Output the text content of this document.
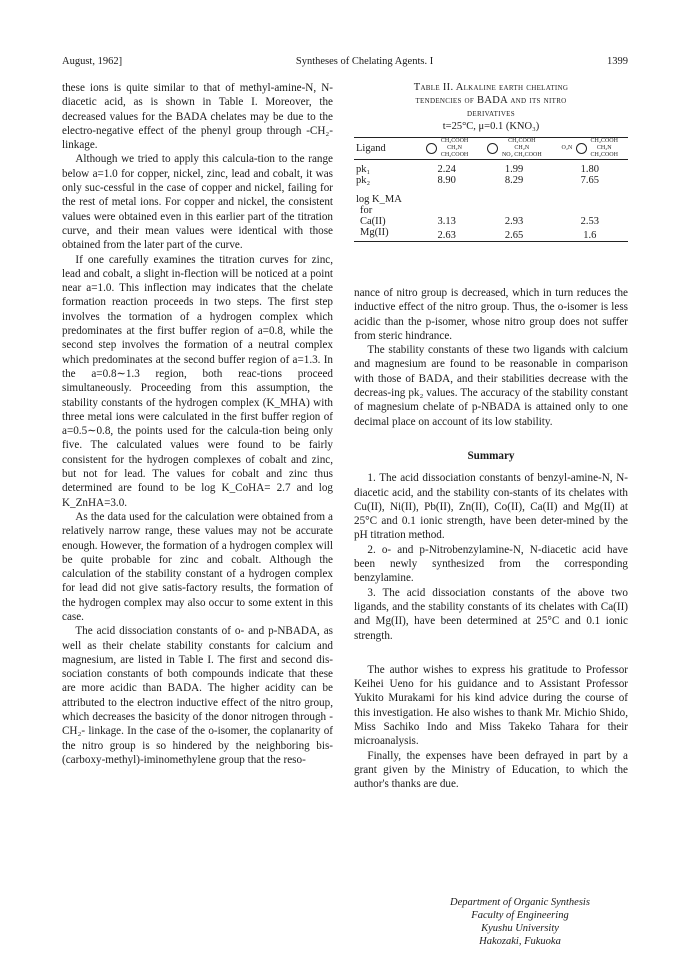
August, 1962]	Syntheses of Chelating Agents. I	1399

these ions is quite similar to that of methyl-amine-N, N-diacetic acid, as is shown in Table I. Moreover, the decreased values for the BADA chelates may be due to the electro-negative effect of the phenyl group through -CH₂- linkage.

Although we tried to apply this calcula-tion to the range below a=1.0 for copper, nickel, zinc, lead and cobalt, it was only suc-cessful in the case of copper and nickel, failing for the rest of metal ions. For copper and nickel, the consistent values were obtained even in this earlier part of the titration curve, and their mean values were identical with those obtained from the later part of the curve.

If one carefully examines the titration curves for zinc, lead and cobalt, a slight in-flection will be noticed at a point near a=1.0. This inflection may indicates that the chelate formation reaction proceeds in two steps. The first step involves the tormation of a hydrogen complex which predominates at the first buffer region of a=0.8, while the second step involves the formation of a neutral complex which predominates at the second buffer region of a=1.3. In the a=0.8∼1.3 region, both reac-tions proceed simultaneously. Proceeding from this assumption, the stability constants of the hydrogen complex (K_MHA) with three metal ions were calculated in the first buffer region of a=0.5∼0.8, the points used for the calcula-tion being only five. The calculated values were found to be fairly consistent for the hydrogen complexes of cobalt and zinc, but not for lead. The values for cobalt and zinc thus determined are found to be log K_CoHA= 2.7 and log K_ZnHA=3.0.

As the data used for the calculation were obtained from a relatively narrow range, these values may not be accurate enough. However, the formation of a hydrogen complex will be quite probable for zinc and cobalt. Although the calculation of the stability constant of a hydrogen complex for lead did not give satis-factory results, the formation of the hydrogen complex may also occur to some extent in this case.

The acid dissociation constants of o- and p-NBADA, as well as their chelate stability constants for calcium and magnesium, are listed in Table I. The first and second dis-sociation constants of both compounds indicate that these are more acidic than BADA. The higher acidity can be attributed to the electron inductive effect of the nitro group, which decreases the basicity of the donor nitrogen through -CH₂- linkage. In the case of the o-isomer, the coplanarity of the nitro group is so hindered by the neighboring bis-(carboxy-methyl)-iminomethylene group that the reso-

Table II. Alkaline earth chelating
tendencies of BADA and its nitro
derivatives
t=25°C, μ=0.1 (KNO₃)
Ligand	CH₂COOH
CH₂N
CH₂COOH	CH₂COOH
CH₂N
NO₂ CH₂COOH	O₂N  CH₂COOH
CH₂N
CH₂COOH
pk₁	2.24	1.99	1.80
pk₂	8.90	8.29	7.65
log K_MA			
for			
Ca(II)	3.13	2.93	2.53
Mg(II)	2.63	2.65	1.6

nance of nitro group is decreased, which in turn reduces the inductive effect of the nitro group. Thus, the o-isomer is less acidic than the p-isomer, whose nitro group does not suffer from steric hindrance.

The stability constants of these two ligands with calcium and magnesium are found to be reasonable in comparison with those of BADA, and their stabilities decrease with the decreas-ing pk₂ values. The accuracy of the stability constant of magnesium chelate of p-NBADA is attained only to one decimal place on account of its low stability.

Summary

1. The acid dissociation constants of benzyl-amine-N, N-diacetic acid, and the stability con-stants of its chelates with Cu(II), Ni(II), Pb(II), Zn(II), Co(II), Ca(II) and Mg(II) at 25°C and 0.1 ionic strength, have been deter-mined by the pH titration method.

2. o- and p-Nitrobenzylamine-N, N-diacetic acid have been newly synthesized from the corresponding benzylamine.

3. The acid dissociation constants of the above two ligands, and the stability constants of its chelates with Ca(II) and Mg(II), have been determined at 25°C and 0.1 ionic strength.

The author wishes to express his gratitude to Professor Keihei Ueno for his guidance and to Assistant Professor Yukito Murakami for his kind advice during the course of this investigation. He also wishes to thank Mr. Michio Shido, Miss Sachiko Indo and Miss Takeko Tahara for their microanalysis.

Finally, the expenses have been defrayed in part by a grant given by the Ministry of Education, to which the author's thanks are due.

Department of Organic Synthesis
Faculty of Engineering
Kyushu University
Hakozaki, Fukuoka
